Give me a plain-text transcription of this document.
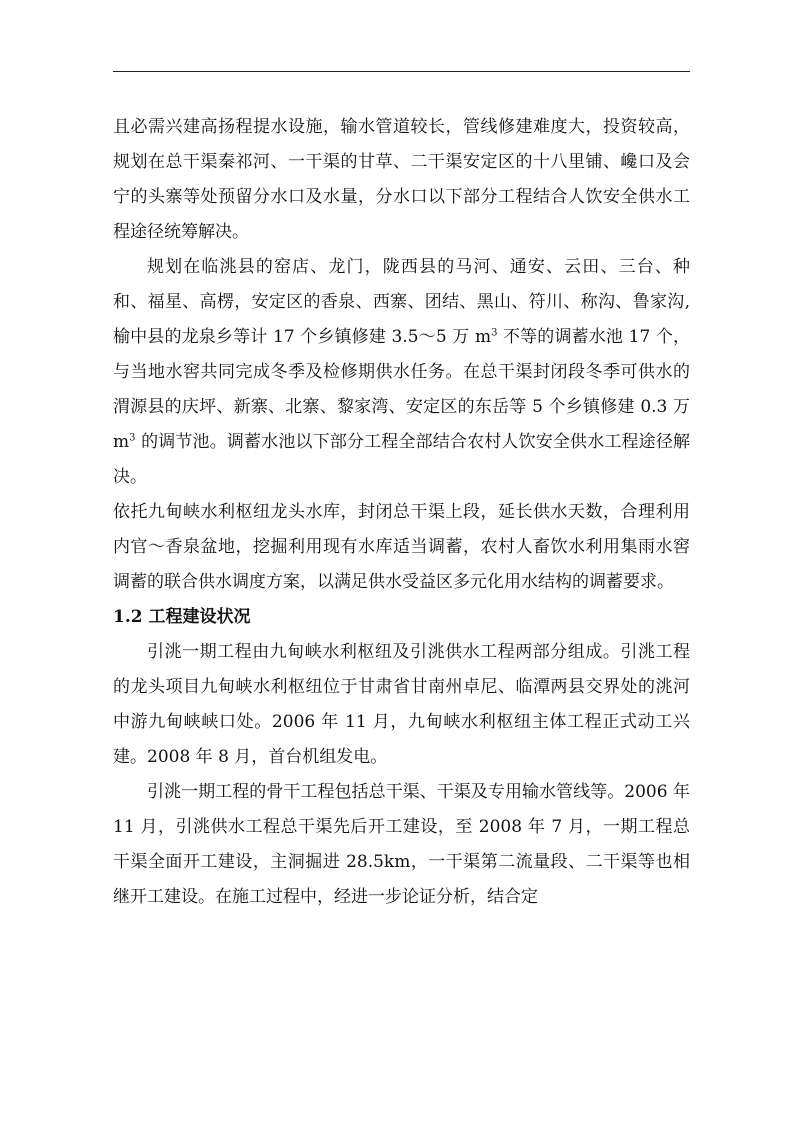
且必需兴建高扬程提水设施，输水管道较长，管线修建难度大，投资较高，规划在总干渠秦祁河、一干渠的甘草、二干渠安定区的十八里铺、巉口及会宁的头寨等处预留分水口及水量，分水口以下部分工程结合人饮安全供水工程途径统筹解决。

规划在临洮县的窑店、龙门，陇西县的马河、通安、云田、三台、种和、福星、高楞，安定区的香泉、西寨、团结、黑山、符川、称沟、鲁家沟,榆中县的龙泉乡等计 17 个乡镇修建 3.5～5 万 $m^3$ 不等的调蓄水池 17 个，与当地水窖共同完成冬季及检修期供水任务。在总干渠封闭段冬季可供水的渭源县的庆坪、新寨、北寨、黎家湾、安定区的东岳等 5 个乡镇修建 0.3 万 $m^3$ 的调节池。调蓄水池以下部分工程全部结合农村人饮安全供水工程途径解决。

依托九甸峡水利枢纽龙头水库，封闭总干渠上段，延长供水天数，合理利用内官～香泉盆地，挖掘利用现有水库适当调蓄，农村人畜饮水利用集雨水窖调蓄的联合供水调度方案，以满足供水受益区多元化用水结构的调蓄要求。

1.2 工程建设状况

引洮一期工程由九甸峡水利枢纽及引洮供水工程两部分组成。引洮工程的龙头项目九甸峡水利枢纽位于甘肃省甘南州卓尼、临潭两县交界处的洮河中游九甸峡峡口处。2006 年 11 月，九甸峡水利枢纽主体工程正式动工兴建。2008 年 8 月，首台机组发电。

引洮一期工程的骨干工程包括总干渠、干渠及专用输水管线等。2006 年 11 月，引洮供水工程总干渠先后开工建设，至 2008 年 7 月，一期工程总干渠全面开工建设，主洞掘进 28.5km，一干渠第二流量段、二干渠等也相继开工建设。在施工过程中，经进一步论证分析，结合定
